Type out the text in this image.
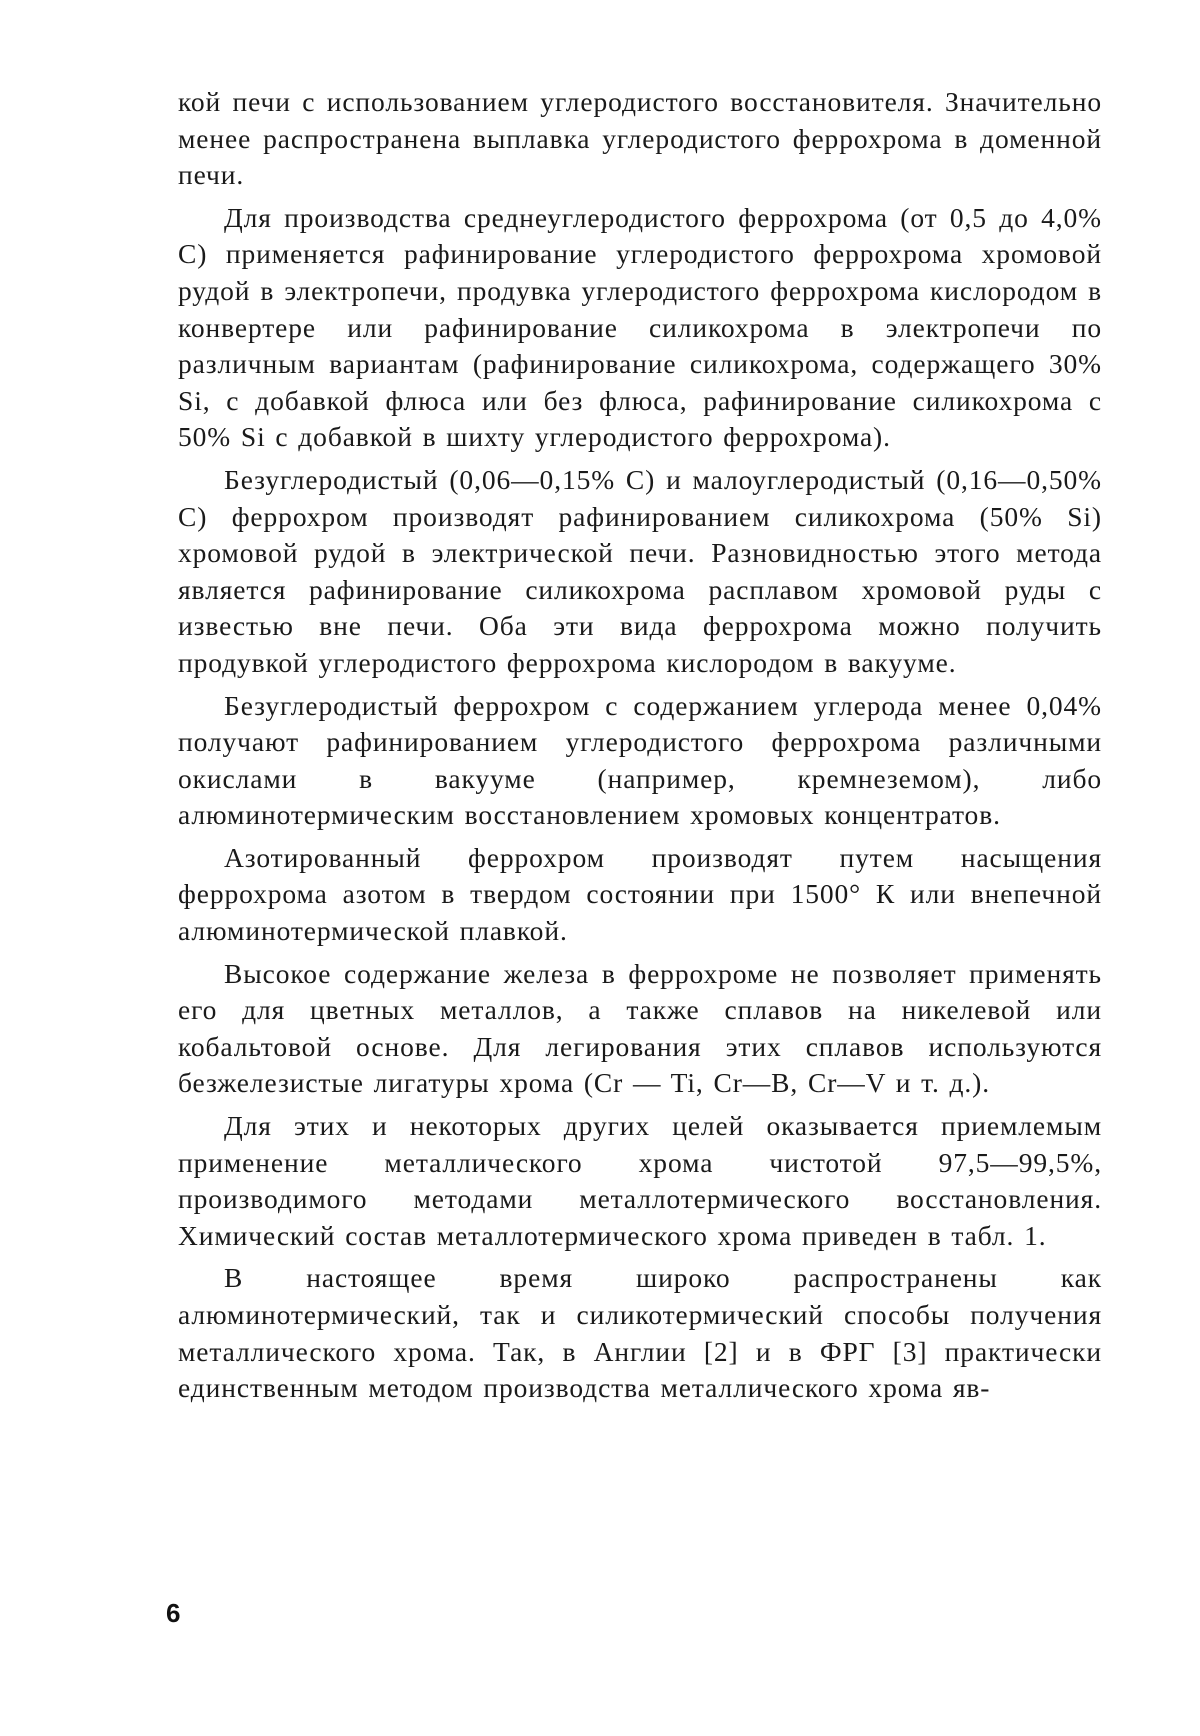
кой печи с использованием углеродистого восстановителя. Значительно менее распространена выплавка углеродистого феррохрома в доменной печи.

Для производства среднеуглеродистого феррохрома (от 0,5 до 4,0% С) применяется рафинирование углеродистого феррохрома хромовой рудой в электропечи, продувка углеродистого феррохрома кислородом в конвертере или рафинирование силикохрома в электропечи по различным вариантам (рафинирование силикохрома, содержащего 30% Si, с добавкой флюса или без флюса, рафинирование силикохрома с 50% Si с добавкой в шихту углеродистого феррохрома).

Безуглеродистый (0,06—0,15% С) и малоуглеродистый (0,16—0,50% С) феррохром производят рафинированием силикохрома (50% Si) хромовой рудой в электрической печи. Разновидностью этого метода является рафинирование силикохрома расплавом хромовой руды с известью вне печи. Оба эти вида феррохрома можно получить продувкой углеродистого феррохрома кислородом в вакууме.

Безуглеродистый феррохром с содержанием углерода менее 0,04% получают рафинированием углеродистого феррохрома различными окислами в вакууме (например, кремнеземом), либо алюминотермическим восстановлением хромовых концентратов.

Азотированный феррохром производят путем насыщения феррохрома азотом в твердом состоянии при 1500° К или внепечной алюминотермической плавкой.

Высокое содержание железа в феррохроме не позволяет применять его для цветных металлов, а также сплавов на никелевой или кобальтовой основе. Для легирования этих сплавов используются безжелезистые лигатуры хрома (Cr — Ti, Cr—В, Cr—V и т. д.).

Для этих и некоторых других целей оказывается приемлемым применение металлического хрома чистотой 97,5—99,5%, производимого методами металлотермического восстановления. Химический состав металлотермического хрома приведен в табл. 1.

В настоящее время широко распространены как алюминотермический, так и силикотермический способы получения металлического хрома. Так, в Англии [2] и в ФРГ [3] практически единственным методом производства металлического хрома яв-

6
